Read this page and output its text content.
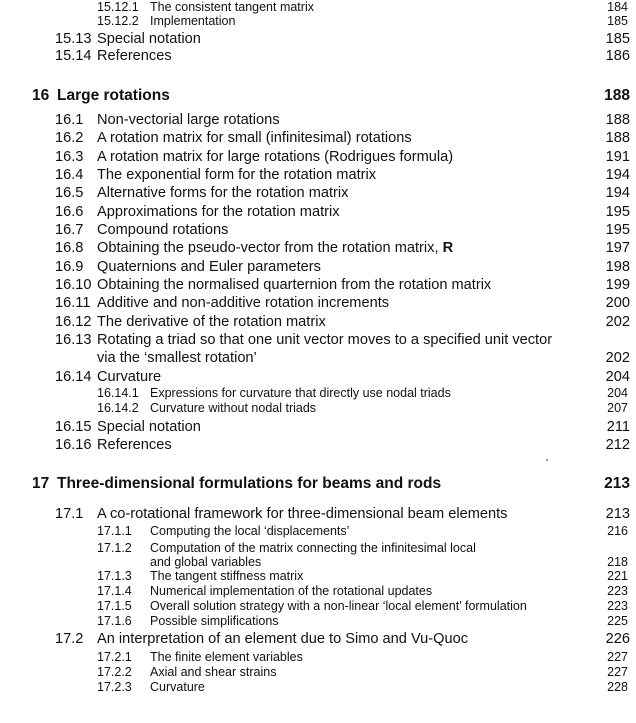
15.12.1 The consistent tangent matrix	184
15.12.2 Implementation	185
15.13 Special notation	185
15.14 References	186
16 Large rotations	188
16.1 Non-vectorial large rotations	188
16.2 A rotation matrix for small (infinitesimal) rotations	188
16.3 A rotation matrix for large rotations (Rodrigues formula)	191
16.4 The exponential form for the rotation matrix	194
16.5 Alternative forms for the rotation matrix	194
16.6 Approximations for the rotation matrix	195
16.7 Compound rotations	195
16.8 Obtaining the pseudo-vector from the rotation matrix, R	197
16.9 Quaternions and Euler parameters	198
16.10 Obtaining the normalised quarternion from the rotation matrix	199
16.11 Additive and non-additive rotation increments	200
16.12 The derivative of the rotation matrix	202
16.13 Rotating a triad so that one unit vector moves to a specified unit vector
via the ‘smallest rotation’	202
16.14 Curvature	204
16.14.1 Expressions for curvature that directly use nodal triads	204
16.14.2 Curvature without nodal triads	207
16.15 Special notation	211
16.16 References	212
17 Three-dimensional formulations for beams and rods	213
17.1 A co-rotational framework for three-dimensional beam elements	213
17.1.1 Computing the local ‘displacements’	216
17.1.2 Computation of the matrix connecting the infinitesimal local
and global variables	218
17.1.3 The tangent stiffness matrix	221
17.1.4 Numerical implementation of the rotational updates	223
17.1.5 Overall solution strategy with a non-linear ‘local element’ formulation	223
17.1.6 Possible simplifications	225
17.2 An interpretation of an element due to Simo and Vu-Quoc	226
17.2.1 The finite element variables	227
17.2.2 Axial and shear strains	227
17.2.3 Curvature	228
